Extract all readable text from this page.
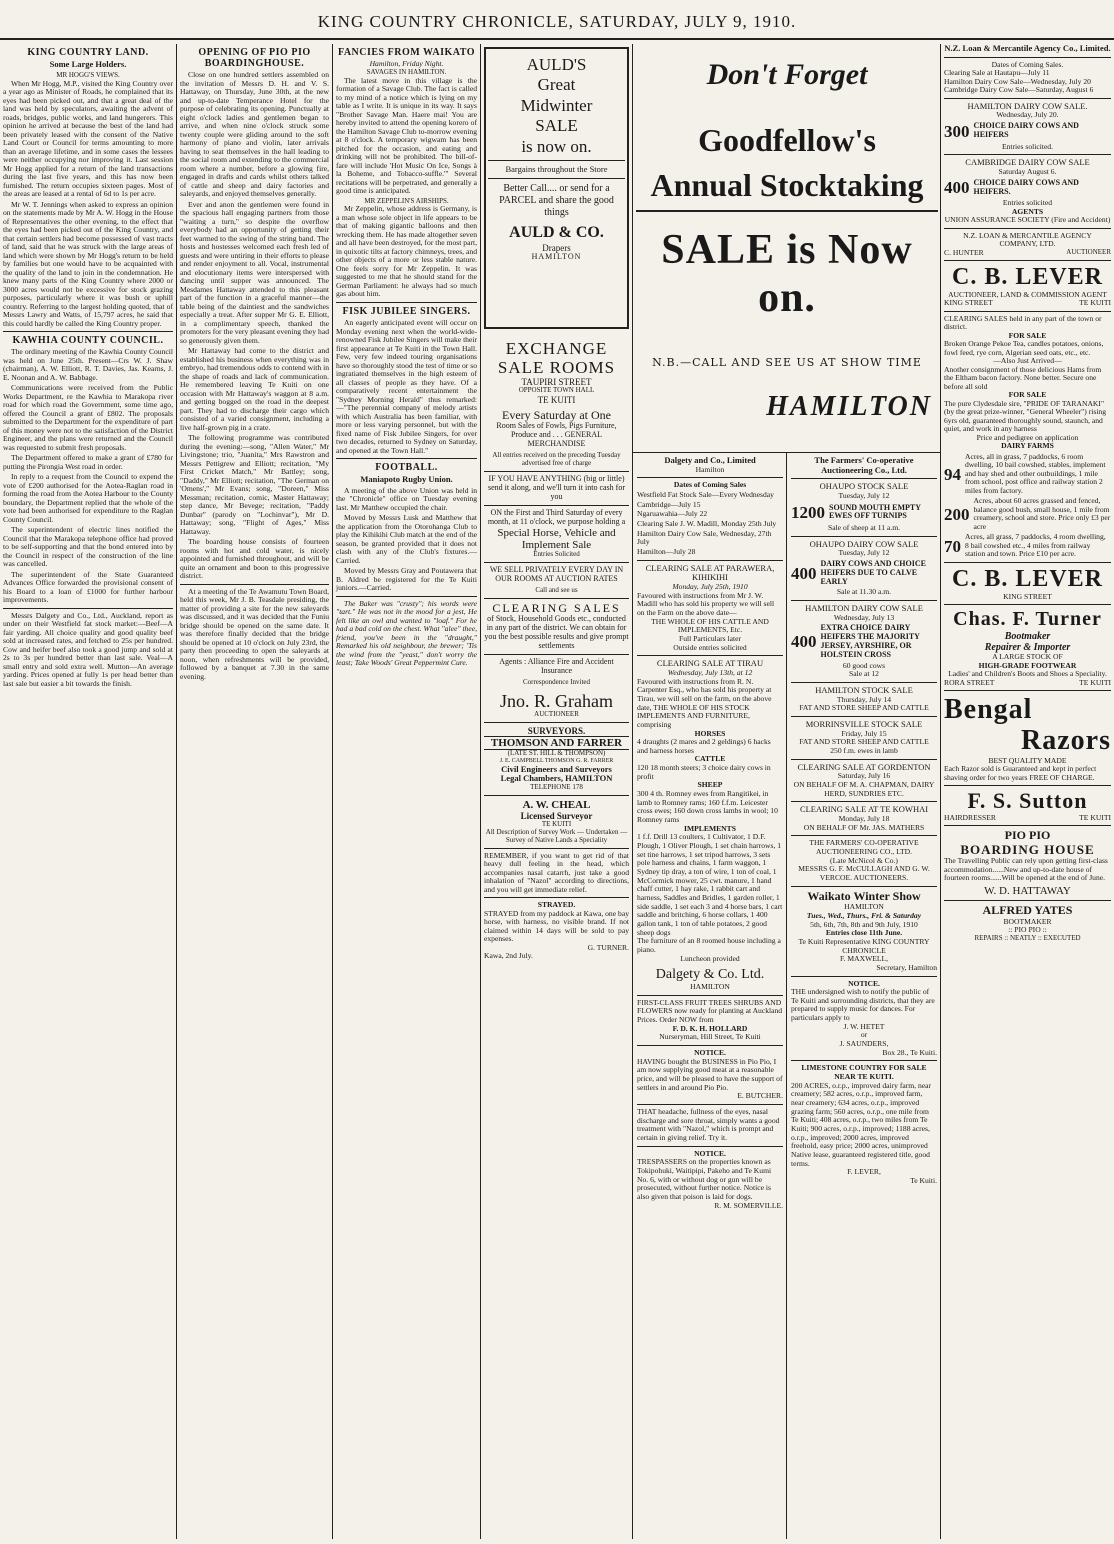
KING COUNTRY CHRONICLE, SATURDAY, JULY 9, 1910.
KING COUNTRY LAND.
Some Large Holders.
MR HOGG'S VIEWS.

When Mr Hogg, M.P., visited the King Country over a year ago as Minister of Roads, he complained that its eyes had been picked out, and that a great deal of the land was held by speculators, awaiting the advent of roads, bridges, public works, and land hungerers. This opinion he arrived at because the best of the land had been privately leased with the consent of the Native Land Court or Council for terms amounting to more than an average lifetime, and in some cases the lessees were neither occupying nor improving it. Last session Mr Hogg applied for a return of the land transactions during the last five years, and this has now been furnished. The return occupies sixteen pages. Most of the areas are leased at a rental of 6d to 1s per acre.

Mr W. T. Jennings when asked to express an opinion on the statements made by Mr A. W. Hogg in the House of Representatives the other evening, to the effect that the eyes had been picked out of the King Country, and that certain settlers had become possessed of vast tracts of land, said that he was struck with the large areas of land which were shown by Mr Hogg's return to be held by families but one would have to be acquainted with the quality of the land to join in the condemnation. He knew many parts of the King Country where 2000 or 3000 acres would not be excessive for stock grazing purposes, particularly where it was bush or uphill country. Referring to the largest holding quoted, that of Messrs Lawry and Watts, of 15,797 acres, he said that this could hardly be called the King Country proper.

KAWHIA COUNTY COUNCIL.

The ordinary meeting of the Kawhia County Council was held on June 25th. Present—Crs W. J. Shaw (chairman), A. W. Elliott, R. T. Davies, Jas. Kearns, J. E. Noonan and A. W. Babbage.

Communications were received from the Public Works Department, re the Kawhia to Marakopa river road for which road the Government, some time ago, offered the Council a grant of £802. The proposals submitted to the Department for the expenditure of part of this money were not to the satisfaction of the District Engineer, and the plans were returned and the Council was requested to submit fresh proposals.

The Department offered to make a grant of £780 for putting the Pirongia West road in order.

In reply to a request from the Council to expend the vote of £200 authorised for the Aotea-Raglan road in forming the road from the Aotea Harbour to the County boundary, the Department replied that the whole of the vote had been authorised for expenditure to the Raglan County Council.

The superintendent of electric lines notified the Council that the Marakopa telephone office had proved to be self-supporting and that the bond entered into by the Council in respect of the construction of the line was cancelled.

The superintendent of the State Guaranteed Advances Office forwarded the provisional consent of his Board to a loan of £1000 for further harbour improvements.

Messrs Dalgety and Co., Ltd., Auckland, report as under on their Westfield fat stock market:—Beef—A fair yarding. All choice quality and good quality beef sold at increased rates, and fetched to 25s per hundred. Cow and heifer beef also took a good jump and sold at 2s to 3s per hundred better than last sale. Veal—A small entry and sold extra well. Mutton—An average yarding. Prices opened at fully 1s per head better than last sale but easier a bit towards the finish.

OPENING OF PIO PIO BOARDINGHOUSE.

Close on one hundred settlers assembled on the invitation of Messrs D. H. and V. S. Hattaway, on Thursday, June 30th, at the new and up-to-date Temperance Hotel for the purpose of celebrating its opening. Punctually at eight o'clock ladies and gentlemen began to arrive, and when nine o'clock struck some twenty couple were gliding around to the soft harmony of piano and violin, later arrivals having to seat themselves in the hall leading to the social room and extending to the commercial room where a number, before a glowing fire, engaged in drafts and cards whilst others talked of cattle and sheep and dairy factories and saleyards, and enjoyed themselves generally.

Ever and anon the gentlemen were found in the spacious hall engaging partners from those "waiting a turn," so despite the overflow everybody had an opportunity of getting their feet warmed to the swing of the string band. The hosts and hostesses welcomed each fresh led of guests and were untiring in their efforts to please and render enjoyment to all. Vocal, instrumental and elocutionary items were interspersed with dancing until supper was announced. The Mesdames Hattaway attended to this pleasant part of the function in a graceful manner—the table being of the daintiest and the sandwiches especially a treat. After supper Mr G. E. Elliott, in a complimentary speech, thanked the promoters for the very pleasant evening they had so generously given them.

Mr Hattaway had come to the district and established his business when everything was in embryo, had tremendous odds to contend with in the shape of roads and lack of communication. He remembered leaving Te Kuiti on one occasion with Mr Hattaway's waggon at 8 a.m. and getting bogged on the road in the deepest part. They had to discharge their cargo which consisted of a varied consignment, including a live half-grown pig in a crate.

The following programme was contributed during the evening:—song, "Allen Water," Mr Livingstone; trio, "Juanita," Mrs Rawstron and Messrs Pettigrew and Elliott; recitation, "My First Cricket Match," Mr Battley; song, "Daddy," Mr Elliott; recitation, "The German on 'Omens'," Mr Evans; song, "Doreen," Miss Messman; recitation, comic, Master Hattaway; step dance, Mr Bevege; recitation, "Paddy Dunbar" (parody on "Lochinvar"), Mr D. Hattaway; song, "Flight of Ages," Miss Hattaway.

The boarding house consists of fourteen rooms with hot and cold water, is nicely appointed and furnished throughout, and will be quite an ornament and boon to this progressive district.

At a meeting of the Te Awamutu Town Board, held this week, Mr J. B. Teasdale presiding, the matter of providing a site for the new saleyards was discussed, and it was decided that the Funiu bridge should be opened on the same date. It was therefore finally decided that the bridge should be opened at 10 o'clock on July 23rd, the party then proceeding to open the saleyards at noon, when refreshments will be provided, followed by a banquet at 7.30 in the same evening.

FANCIES FROM WAIKATO
Hamilton, Friday Night.
SAVAGES IN HAMILTON.

The latest move in this village is the formation of a Savage Club. The fact is called to my mind of a notice which is lying on my table as I write. It is unique in its way. It says "Brother Savage Man. Haere mai! You are hereby invited to attend the opening korero of the Hamilton Savage Club to-morrow evening at 8 o'clock. A temporary wigwam has been pitched for the occasion, and eating and drinking will not be prohibited. The bill-of-fare will include 'Hot Music On Ice, Songs à la Boheme, and Tobacco-suffle.'" Several recitations will be perpetrated, and generally a good time is anticipated.

MR ZEPPELIN'S AIRSHIPS.

Mr Zeppelin, whose address is Germany, is a man whose sole object in life appears to be that of making gigantic balloons and then wrecking them. He has made altogether seven and all have been destroyed, for the most part, in quixotic tilts at factory chimneys, trees, and other objects of a more or less stable nature. One feels sorry for Mr Zeppelin. It was suggested to me that he should stand for the German Parliament: he always had so much gas about him.

FISK JUBILEE SINGERS.

An eagerly anticipated event will occur on Monday evening next when the world-wide-renowned Fisk Jubilee Singers will make their first appearance at Te Kuiti in the Town Hall. Few, very few indeed touring organisations have so thoroughly stood the test of time or so ingratiated themselves in the high esteem of all classes of people as they have. Of a comparatively recent entertainment the "Sydney Morning Herald" thus remarked:—"The perennial company of melody artists with which Australia has been familiar, with more or less varying personnel, but with the fixed name of Fisk Jubilee Singers, for over two decades, returned to Sydney on Saturday, and opened at the Town Hall."

FOOTBALL.
Maniapoto Rugby Union.

A meeting of the above Union was held in the "Chronicle" office on Tuesday evening last. Mr Matthew occupied the chair.

Moved by Messrs Lusk and Matthew that the application from the Otorohanga Club to play the Kihikihi Club match at the end of the season, be granted provided that it does not clash with any of the Club's fixtures.—Carried.

Moved by Messrs Gray and Poutawera that B. Aldred be registered for the Te Kuiti juniors.—Carried.

The Baker was "crusty"; his words were "tart." He was not in the mood for a jest, He felt like an owl and wanted to "loaf." For he had a bad cold on the chest. What "alee" thee, friend, you've been in the "draught," Remarked his old neighbour, the brewer; 'Tis the wind from the "yeast," don't worry the least; Take Woods' Great Peppermint Cure.

AULD'S
Great
Midwinter
SALE
is now on.
Bargains throughout the Store
Better Call.... or send for a PARCEL and share the good things
AULD & CO.
Drapers
HAMILTON
EXCHANGE
SALE ROOMS
TAUPIRI STREET
OPPOSITE TOWN HALL
TE KUITI
Every Saturday at One
Room Sales of Fowls, Pigs Furniture, Produce and . . . GENERAL MERCHANDISE
All entries received on the preceding Tuesday advertised free of charge
IF YOU HAVE ANYTHING (big or little) send it along, and we'll turn it into cash for you
ON the First and Third Saturday of every month, at 11 o'clock, we purpose holding a
Special Horse, Vehicle and Implement Sale
Entries Solicited
WE SELL PRIVATELY EVERY DAY IN OUR ROOMS AT AUCTION RATES
Call and see us
CLEARING SALES
of Stock, Household Goods etc., conducted in any part of the district. We can obtain for you the best possible results and give prompt settlements
Agents : Alliance Fire and Accident Insurance
Correspondence Invited
Jno. R. Graham
AUCTIONEER
SURVEYORS.
THOMSON AND FARRER
(LATE ST. HILL & THOMPSON)
J. E. CAMPBELL THOMSON G. R. FARRER
Civil Engineers and Surveyors
Legal Chambers, HAMILTON
TELEPHONE 178
A. W. CHEAL
Licensed Surveyor
TE KUITI
All Description of Survey Work — Undertaken —
Survey of Native Lands a Speciality
REMEMBER, if you want to get rid of that heavy dull feeling in the head, which accompanies nasal catarrh, just take a good inhalation of "Nazol" according to directions, and you will get immediate relief.
STRAYED.
STRAYED from my paddock at Kawa, one bay horse, with harness, no visible brand. If not claimed within 14 days will be sold to pay expenses.
G. TURNER.
Kawa, 2nd July.
Don't Forget
Goodfellow's
Annual Stocktaking
SALE is Now on.
N.B.—CALL AND SEE US AT SHOW TIME
HAMILTON
Dalgety and Co., Limited
Hamilton
Dates of Coming Sales
Westfield Fat Stock Sale—Every Wednesday
Cambridge—July 15
Ngaruawahia—July 22
Clearing Sale J. W. Madill, Monday 25th July
Hamilton Dairy Cow Sale, Wednesday, 27th July
Hamilton—July 28
CLEARING SALE AT PARAWERA, KIHIKIHI
Monday, July 25th, 1910
Favoured with instructions from Mr J. W. Madill who has sold his property we will sell on the Farm on the above date—
THE WHOLE OF HIS CATTLE AND IMPLEMENTS, Etc.
Full Particulars later
Outside entries solicited
CLEARING SALE AT TIRAU
Wednesday, July 13th, at 12
Favoured with instructions from R. N. Carpenter Esq., who has sold his property at Tirau, we will sell on the farm, on the above date, THE WHOLE OF HIS STOCK IMPLEMENTS AND FURNITURE, comprising
HORSES
4 draughts (2 mares and 2 geldings) 6 hacks and harness horses
CATTLE
120 18 month steers; 3 choice dairy cows in profit
SHEEP
300 4 th. Romney ewes from Rangitikei, in lamb to Romney rams; 160 f.f.m. Leicester cross ewes; 160 down cross lambs in wool; 10 Romney rams
IMPLEMENTS
1 f.f. Drill 13 coulters, 1 Cultivator, 1 D.F. Plough, 1 Oliver Plough, 1 set chain harrows, 1 set tine harrows, 1 set tripod harrows, 3 sets pole harness and chains, 1 farm waggon, 1 Sydney tip dray, a ton of wire, 1 ton of coal, 1 McCormick mower, 25 cwt. manure, 1 hand chaff cutter, 1 hay rake, 1 rabbit cart and harness, Saddles and Bridles, 1 garden roller, 1 side saddle, 1 set each 3 and 4 horse bars, 1 cart saddle and britching, 6 horse collars, 1 400 gallon tank, 1 ton of table potatoes, 2 good sheep dogs
The furniture of an 8 roomed house including a piano.
Luncheon provided
Dalgety & Co. Ltd.
HAMILTON
FIRST-CLASS FRUIT TREES SHRUBS AND FLOWERS now ready for planting at Auckland Prices. Order NOW from
F. D. K. H. HOLLARD
Nurseryman, Hill Street, Te Kuiti
NOTICE.
HAVING bought the BUSINESS in Pio Pio, I am now supplying good meat at a reasonable price, and will be pleased to have the support of settlers in and around Pio Pio.
E. BUTCHER.
THAT headache, fullness of the eyes, nasal discharge and sore throat, simply wants a good treatment with "Nazol," which is prompt and certain in giving relief. Try it.
NOTICE.
TRESPASSERS on the properties known as Tokipohuki, Waitipipi, Pakeho and Te Kumi No. 6, with or without dog or gun will be prosecuted, without further notice. Notice is also given that poison is laid for dogs.
R. M. SOMERVILLE.
The Farmers' Co-operative Auctioneering Co., Ltd.
OHAUPO STOCK SALE
Tuesday, July 12
1200 SOUND MOUTH EMPTY EWES OFF TURNIPS
Sale of sheep at 11 a.m.
OHAUPO DAIRY COW SALE
Tuesday, July 12
400 DAIRY COWS AND CHOICE HEIFERS DUE TO CALVE EARLY
Sale at 11.30 a.m.
HAMILTON DAIRY COW SALE
Wednesday, July 13
400
EXTRA CHOICE DAIRY HEIFERS THE MAJORITY JERSEY, AYRSHIRE, OR HOLSTEIN CROSS
60 good cows
Sale at 12
HAMILTON STOCK SALE
Thursday, July 14
FAT AND STORE SHEEP AND CATTLE
MORRINSVILLE STOCK SALE
Friday, July 15
FAT AND STORE SHEEP AND CATTLE
250 f.m. ewes in lamb
CLEARING SALE AT GORDENTON
Saturday, July 16
ON BEHALF OF M. A. CHAPMAN, DAIRY HERD, SUNDRIES ETC.
CLEARING SALE AT TE KOWHAI
Monday, July 18
ON BEHALF OF Mr. JAS. MATHERS
THE FARMERS' CO-OPERATIVE AUCTIONEERING CO., LTD.
(Late McNicol & Co.)
MESSRS G. F. McCULLAGH AND G. W. VERCOE. AUCTIONEERS.
Waikato Winter Show
HAMILTON
Tues., Wed., Thurs., Fri. & Saturday
5th, 6th, 7th, 8th and 9th July, 1910
Entries close 11th June.
Te Kuiti Representative KING COUNTRY CHRONICLE
F. MAXWELL,
Secretary, Hamilton
NOTICE.
THE undersigned wish to notify the public of Te Kuiti and surrounding districts, that they are prepared to supply music for dances. For particulars apply to
J. W. HETET
or
J. SAUNDERS,
Box 28., Te Kuiti.
LIMESTONE COUNTRY FOR SALE NEAR TE KUITI.
200 ACRES, o.r.p., improved dairy farm, near creamery; 582 acres, o.r.p., improved farm, near creamery; 634 acres, o.r.p., improved grazing farm; 560 acres, o.r.p., one mile from Te Kuiti; 408 acres, o.r.p., two miles from Te Kuiti; 900 acres, o.r.p., improved; 1188 acres, o.r.p., improved; 2000 acres, improved freehold, easy price; 2000 acres, unimproved Native lease, guaranteed registered title, good terms.
F. LEVER,
Te Kuiti.
N.Z. Loan & Mercantile Agency Co., Limited.
Dates of Coming Sales.
Clearing Sale at Hautapu—July 11
Hamilton Dairy Cow Sale—Wednesday, July 20
Cambridge Dairy Cow Sale—Saturday, August 6
HAMILTON DAIRY COW SALE.
Wednesday, July 20.
300 CHOICE DAIRY COWS AND HEIFERS
Entries solicited.
CAMBRIDGE DAIRY COW SALE
Saturday August 6.
400 CHOICE DAIRY COWS AND HEIFERS.
Entries solicited
AGENTS
UNION ASSURANCE SOCIETY (Fire and Accident)
N.Z. LOAN & MERCANTILE AGENCY COMPANY, LTD.
C. HUNTER	AUCTIONEER
C. B. LEVER
AUCTIONEER, LAND & COMMISSION AGENT
KING STREET	TE KUITI
CLEARING SALES held in any part of the town or district.
FOR SALE
Broken Orange Pekoe Tea, candles potatoes, onions, fowl feed, rye corn, Algerian seed oats, etc., etc.
—Also Just Arrived—
Another consignment of those delicious Hams from the Eltham bacon factory. None better. Secure one before all sold
FOR SALE
The pure Clydesdale sire, "PRIDE OF TARANAKI" (by the great prize-winner, "General Wheeler") rising 6yrs old, guaranteed thoroughly sound, staunch, and quiet, and work in any harness
Price and pedigree on application
DAIRY FARMS
94
Acres, all in grass, 7 paddocks, 6 room dwelling, 10 bail cowshed, stables, implement and hay shed and other outbuildings, 1 mile from school, post office and railway station 2 miles from factory.
200
Acres, about 60 acres grassed and fenced, balance good bush, small house, 1 mile from creamery, school and store. Price only £3 per acre
70 Acres, all grass, 7 paddocks, 4 room dwelling, 8 bail cowshed etc., 4 miles from railway station and town. Price £10 per acre.
C. B. LEVER
KING STREET
Chas. F. Turner
Bootmaker
Repairer & Importer
A LARGE STOCK OF
HIGH-GRADE FOOTWEAR
Ladies' and Children's Boots and Shoes a Speciality.
RORA STREET	TE KUITI
Bengal
Razors
BEST QUALITY MADE
Each Razor sold is Guaranteed and kept in perfect shaving order for two years FREE OF CHARGE.
F. S. Sutton
HAIRDRESSER	TE KUITI
PIO PIO
BOARDING HOUSE
The Travelling Public can rely upon getting first-class accommodation......New and up-to-date house of fourteen rooms......Will be opened at the end of June.
W. D. HATTAWAY
ALFRED YATES
BOOTMAKER
:: PIO PIO ::
REPAIRS :: NEATLY :: EXECUTED
